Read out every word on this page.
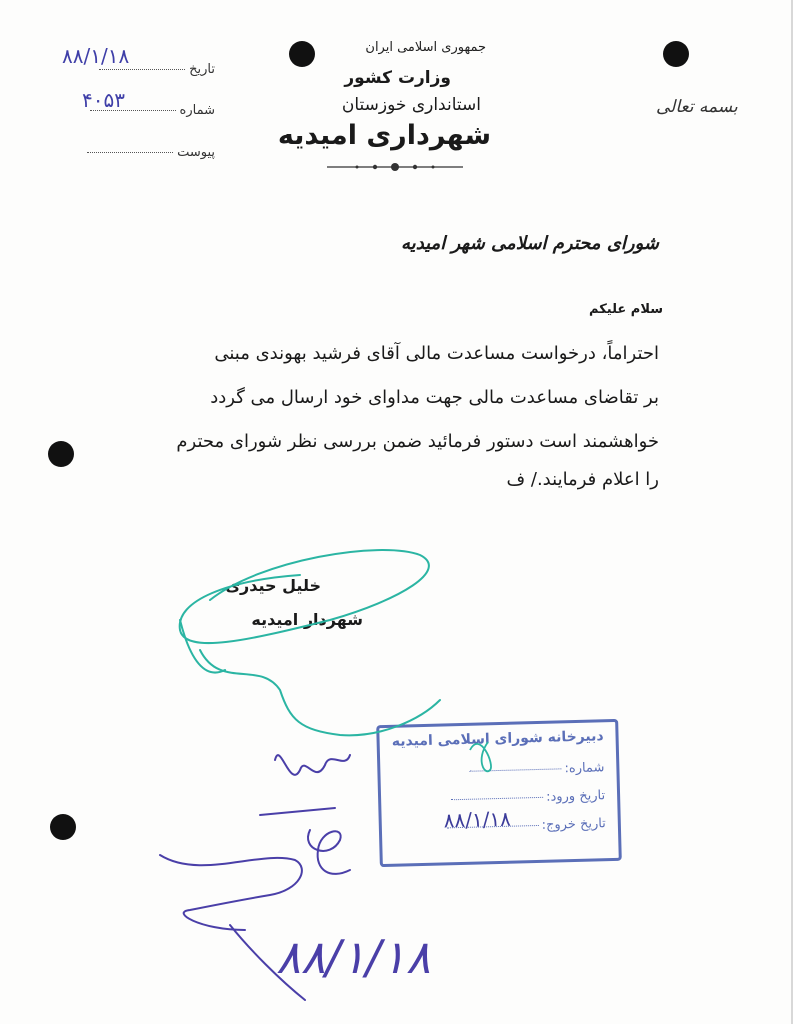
جمهوری اسلامی ایران
وزارت کشور
استانداری خوزستان
شهرداری امیدیه
بسمه تعالی
تاریخ
۸۸/۱/۱۸
شماره
۴۰۵۳
پیوست
شورای محترم اسلامی شهر امیدیه
سلام علیکم
احتراماً، درخواست مساعدت مالی آقای فرشید بهوندی مبنی
بر تقاضای مساعدت مالی جهت مداوای خود ارسال می گردد
خواهشمند است دستور فرمائید ضمن بررسی نظر شورای محترم
را اعلام فرمایند./ ف
خلیل حیدری
شهردار امیدیه
دبیرخانه شورای اسلامی امیدیه
شماره:
تاریخ ورود:
تاریخ خروج:
۸۸/۱/۱۸
۸۸/۱/۱۸
